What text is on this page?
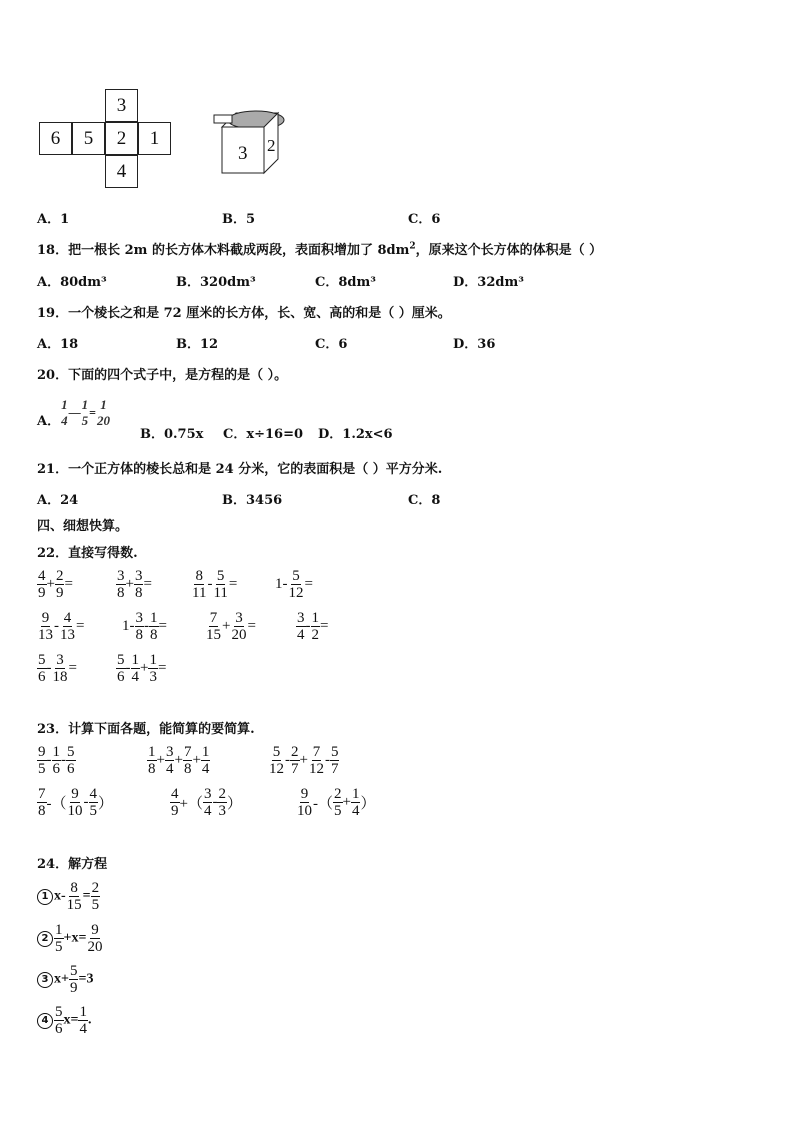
3
6	5	2	1
4
3 2
A．1	B．5	C．6
18．把一根长 2m 的长方体木料截成两段，表面积增加了 $8dm^2$，原来这个长方体的体积是（ ）
A．80dm³	B．320dm³	C．8dm³	D．32dm³
19．一个棱长之和是 72 厘米的长方体，长、宽、高的和是（ ）厘米。
A．18	B．12	C．6	D．36
20．下面的四个式子中，是方程的是（ ）。
A．
1
4
—
1
5
=
1
20
B．0.75x C．x÷16=0 D．1.2x<6
21．一个正方体的棱长总和是 24 分米，它的表面积是（ ）平方分米.
A．24	B．3456	C．8
四、细想快算。
22．直接写得数.
23．计算下面各题，能简算的要简算.
24．解方程
$\frac{4}{9} + \frac{2}{9}$ =	$\frac{3}{8} + \frac{3}{8}$ =	$\frac{8}{11} - \frac{5}{11}$ =	$1- \frac{5}{12}$ =
$\frac{9}{13} - \frac{4}{13}$ =	$1- \frac{3}{8} - \frac{1}{8}$ =	$\frac{7}{15} + \frac{3}{20}$ =	$\frac{3}{4} - \frac{1}{2}$ =
$\frac{5}{6} - \frac{3}{18}$ =	$\frac{5}{6} - \frac{1}{4} + \frac{1}{3}$ =
$\frac{9}{5} - \frac{1}{6} - \frac{5}{6}$	$\frac{1}{8} + \frac{3}{4} + \frac{7}{8} + \frac{1}{4}$	$\frac{5}{12} - \frac{2}{7} + \frac{7}{12} - \frac{5}{7}$
$\frac{7}{8}$ -（ $\frac{9}{10} - \frac{4}{5}$ ）	$\frac{4}{9}$ +（ $\frac{3}{4} - \frac{2}{3}$ ）	$\frac{9}{10}$ -（ $\frac{2}{5} + \frac{1}{4}$ ）
1 $x- \frac{8}{15} = \frac{2}{5}$
$2 \frac{1}{5} +x= \frac{9}{20}$
3 $x+ \frac{5}{9} =3$
$4 \frac{5}{6} x= \frac{1}{4}$ .
